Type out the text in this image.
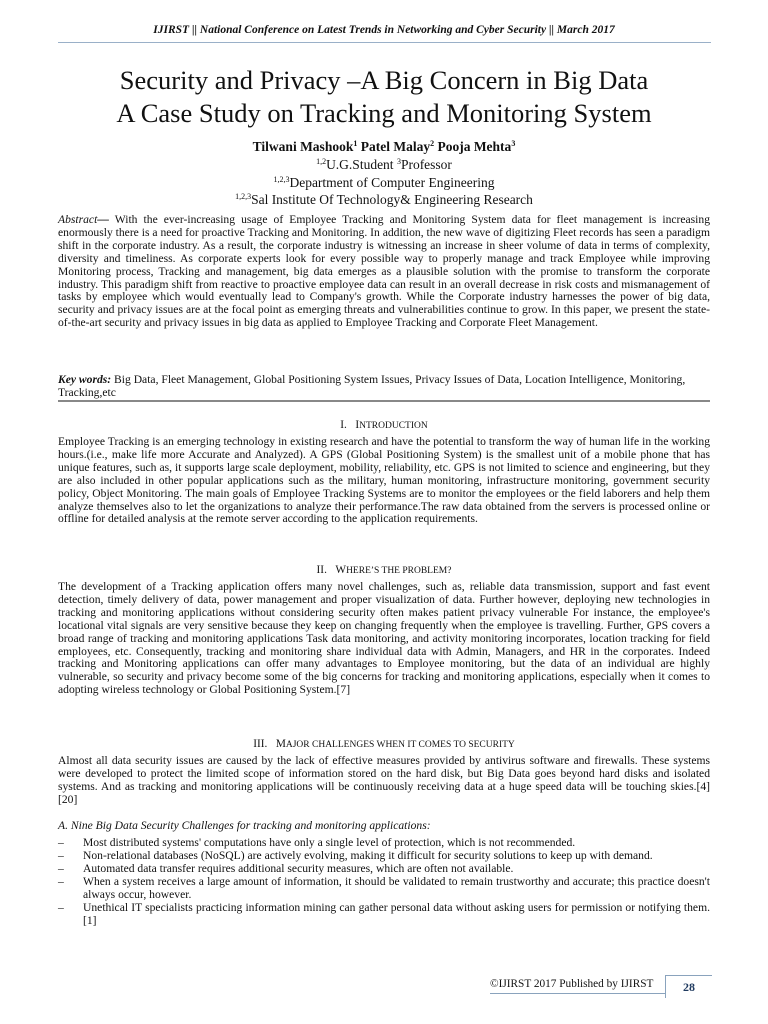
IJIRST || National Conference on Latest Trends in Networking and Cyber Security || March 2017
Security and Privacy –A Big Concern in Big Data
A Case Study on Tracking and Monitoring System
Tilwani Mashook$^1$ Patel Malay$^2$ Pooja Mehta$^3$
$^{1,2}$U.G.Student $^3$Professor
$^{1,2,3}$Department of Computer Engineering
$^{1,2,3}$Sal Institute Of Technology& Engineering Research
Abstract— With the ever-increasing usage of Employee Tracking and Monitoring System data for fleet management is increasing enormously there is a need for proactive Tracking and Monitoring. In addition, the new wave of digitizing Fleet records has seen a paradigm shift in the corporate industry. As a result, the corporate industry is witnessing an increase in sheer volume of data in terms of complexity, diversity and timeliness. As corporate experts look for every possible way to properly manage and track Employee while improving Monitoring process, Tracking and management, big data emerges as a plausible solution with the promise to transform the corporate industry. This paradigm shift from reactive to proactive employee data can result in an overall decrease in risk costs and mismanagement of tasks by employee which would eventually lead to Company's growth. While the Corporate industry harnesses the power of big data, security and privacy issues are at the focal point as emerging threats and vulnerabilities continue to grow. In this paper, we present the state-of-the-art security and privacy issues in big data as applied to Employee Tracking and Corporate Fleet Management.
Key words: Big Data, Fleet Management, Global Positioning System Issues, Privacy Issues of Data, Location Intelligence, Monitoring, Tracking,etc
I. INTRODUCTION
Employee Tracking is an emerging technology in existing research and have the potential to transform the way of human life in the working hours.(i.e., make life more Accurate and Analyzed). A GPS (Global Positioning System) is the smallest unit of a mobile phone that has unique features, such as, it supports large scale deployment, mobility, reliability, etc. GPS is not limited to science and engineering, but they are also included in other popular applications such as the military, human monitoring, infrastructure monitoring, government security policy, Object Monitoring. The main goals of Employee Tracking Systems are to monitor the employees or the field laborers and help them analyze themselves also to let the organizations to analyze their performance.The raw data obtained from the servers is processed online or offline for detailed analysis at the remote server according to the application requirements.
II. WHERE’S THE PROBLEM?
The development of a Tracking application offers many novel challenges, such as, reliable data transmission, support and fast event detection, timely delivery of data, power management and proper visualization of data. Further however, deploying new technologies in tracking and monitoring applications without considering security often makes patient privacy vulnerable For instance, the employee's locational vital signals are very sensitive because they keep on changing frequently when the employee is travelling. Further, GPS covers a broad range of tracking and monitoring applications Task data monitoring, and activity monitoring incorporates, location tracking for field employees, etc. Consequently, tracking and monitoring share individual data with Admin, Managers, and HR in the corporates. Indeed tracking and Monitoring applications can offer many advantages to Employee monitoring, but the data of an individual are highly vulnerable, so security and privacy become some of the big concerns for tracking and monitoring applications, especially when it comes to adopting wireless technology or Global Positioning System.[7]
III. MAJOR CHALLENGES WHEN IT COMES TO SECURITY
Almost all data security issues are caused by the lack of effective measures provided by antivirus software and firewalls. These systems were developed to protect the limited scope of information stored on the hard disk, but Big Data goes beyond hard disks and isolated systems. And as tracking and monitoring applications will be continuously receiving data at a huge speed data will be touching skies.[4] [20]
A. Nine Big Data Security Challenges for tracking and monitoring applications:
– Most distributed systems' computations have only a single level of protection, which is not recommended.
– Non-relational databases (NoSQL) are actively evolving, making it difficult for security solutions to keep up with demand.
– Automated data transfer requires additional security measures, which are often not available.
– When a system receives a large amount of information, it should be validated to remain trustworthy and accurate; this practice doesn't always occur, however.
– Unethical IT specialists practicing information mining can gather personal data without asking users for permission or notifying them. [1]
©IJIRST 2017 Published by IJIRST	28
